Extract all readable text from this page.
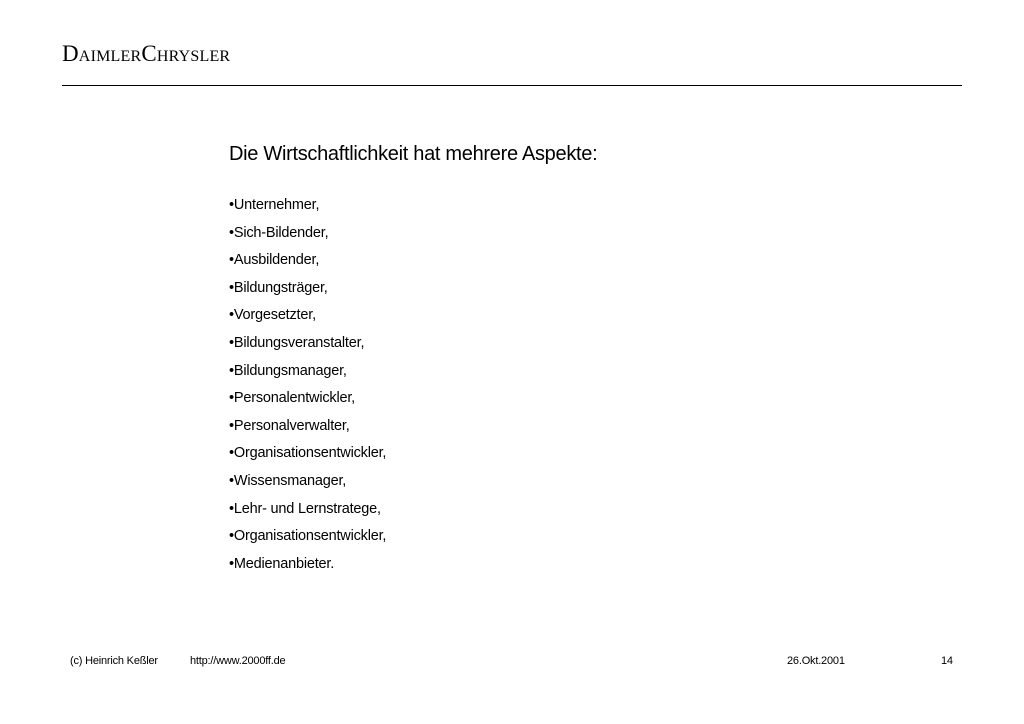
DaimlerChrysler
Die Wirtschaftlichkeit hat mehrere Aspekte:
•Unternehmer,
•Sich-Bildender,
•Ausbildender,
•Bildungsträger,
•Vorgesetzter,
•Bildungsveranstalter,
•Bildungsmanager,
•Personalentwickler,
•Personalverwalter,
•Organisationsentwickler,
•Wissensmanager,
•Lehr- und Lernstratege,
•Organisationsentwickler,
•Medienanbieter.
(c) Heinrich Keßler	http://www.2000ff.de	26.Okt.2001	14
